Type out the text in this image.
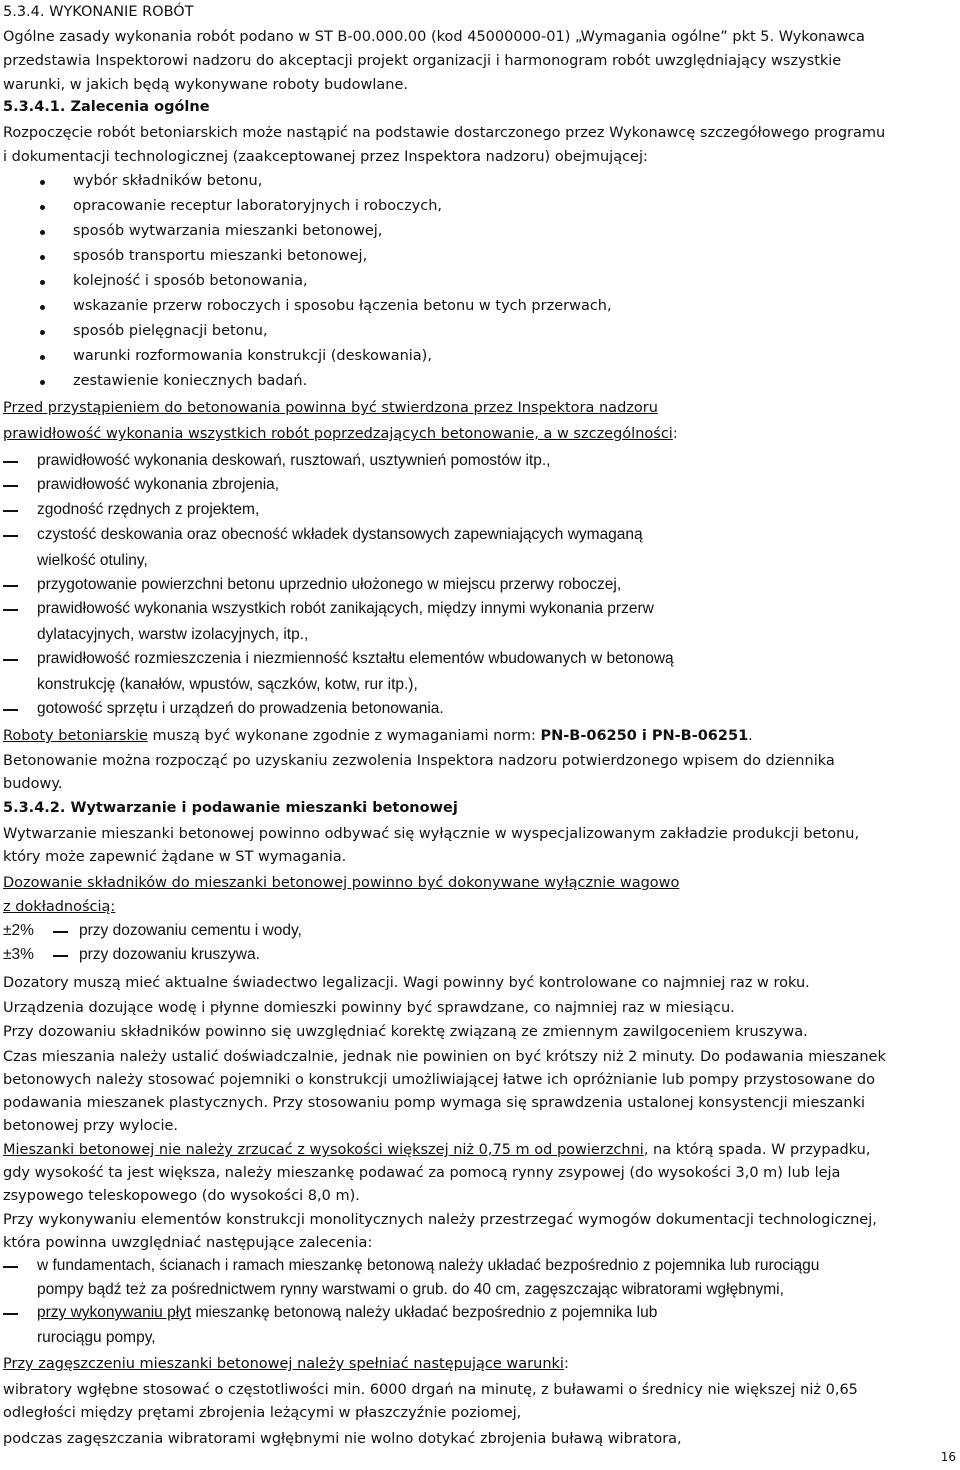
5.3.4. WYKONANIE ROBÓT
Ogólne zasady wykonania robót podano w ST B-00.000.00 (kod 45000000-01) „Wymagania ogólne” pkt 5. Wykonawca
przedstawia Inspektorowi nadzoru do akceptacji projekt organizacji i harmonogram robót uwzględniający wszystkie
warunki, w jakich będą wykonywane roboty budowlane.
5.3.4.1. Zalecenia ogólne
Rozpoczęcie robót betoniarskich może nastąpić na podstawie dostarczonego przez Wykonawcę szczegółowego programu
i dokumentacji technologicznej (zaakceptowanej przez Inspektora nadzoru) obejmującej:
wybór składników betonu,
opracowanie receptur laboratoryjnych i roboczych,
sposób wytwarzania mieszanki betonowej,
sposób transportu mieszanki betonowej,
kolejność i sposób betonowania,
wskazanie przerw roboczych i sposobu łączenia betonu w tych przerwach,
sposób pielęgnacji betonu,
warunki rozformowania konstrukcji (deskowania),
zestawienie koniecznych badań.
Przed przystąpieniem do betonowania powinna być stwierdzona przez Inspektora nadzoru
prawidłowość wykonania wszystkich robót poprzedzających betonowanie, a w szczególności:
prawidłowość wykonania deskowań, rusztowań, usztywnień pomostów itp.,
prawidłowość wykonania zbrojenia,
zgodność rzędnych z projektem,
czystość deskowania oraz obecność wkładek dystansowych zapewniających wymaganą
wielkość otuliny,
przygotowanie powierzchni betonu uprzednio ułożonego w miejscu przerwy roboczej,
prawidłowość wykonania wszystkich robót zanikających, między innymi wykonania przerw
dylatacyjnych, warstw izolacyjnych, itp.,
prawidłowość rozmieszczenia i niezmienność kształtu elementów wbudowanych w betonową
konstrukcję (kanałów, wpustów, sączków, kotw, rur itp.),
gotowość sprzętu i urządzeń do prowadzenia betonowania.
Roboty betoniarskie muszą być wykonane zgodnie z wymaganiami norm: PN-B-06250 i PN-B-06251.
Betonowanie można rozpocząć po uzyskaniu zezwolenia Inspektora nadzoru potwierdzonego wpisem do dziennika
budowy.
5.3.4.2. Wytwarzanie i podawanie mieszanki betonowej
Wytwarzanie mieszanki betonowej powinno odbywać się wyłącznie w wyspecjalizowanym zakładzie produkcji betonu,
który może zapewnić żądane w ST wymagania.
Dozowanie składników do mieszanki betonowej powinno być dokonywane wyłącznie wagowo
z dokładnością:
±2%	przy dozowaniu cementu i wody,
±3%	przy dozowaniu kruszywa.
Dozatory muszą mieć aktualne świadectwo legalizacji. Wagi powinny być kontrolowane co najmniej raz w roku.
Urządzenia dozujące wodę i płynne domieszki powinny być sprawdzane, co najmniej raz w miesiącu.
Przy dozowaniu składników powinno się uwzględniać korektę związaną ze zmiennym zawilgoceniem kruszywa.
Czas mieszania należy ustalić doświadczalnie, jednak nie powinien on być krótszy niż 2 minuty. Do podawania mieszanek
betonowych należy stosować pojemniki o konstrukcji umożliwiającej łatwe ich opróżnianie lub pompy przystosowane do
podawania mieszanek plastycznych. Przy stosowaniu pomp wymaga się sprawdzenia ustalonej konsystencji mieszanki
betonowej przy wylocie.
Mieszanki betonowej nie należy zrzucać z wysokości większej niż 0,75 m od powierzchni, na którą spada. W przypadku,
gdy wysokość ta jest większa, należy mieszankę podawać za pomocą rynny zsypowej (do wysokości 3,0 m) lub leja
zsypowego teleskopowego (do wysokości 8,0 m).
Przy wykonywaniu elementów konstrukcji monolitycznych należy przestrzegać wymogów dokumentacji technologicznej,
która powinna uwzględniać następujące zalecenia:
w fundamentach, ścianach i ramach mieszankę betonową należy układać bezpośrednio z pojemnika lub rurociągu
pompy bądź też za pośrednictwem rynny warstwami o grub. do 40 cm, zagęszczając wibratorami wgłębnymi,
przy wykonywaniu płyt mieszankę betonową należy układać bezpośrednio z pojemnika lub
rurociągu pompy,
Przy zagęszczeniu mieszanki betonowej należy spełniać następujące warunki:
wibratory wgłębne stosować o częstotliwości min. 6000 drgań na minutę, z buławami o średnicy nie większej niż 0,65
odległości między prętami zbrojenia leżącymi w płaszczyźnie poziomej,
podczas zagęszczania wibratorami wgłębnymi nie wolno dotykać zbrojenia buławą wibratora,
16
